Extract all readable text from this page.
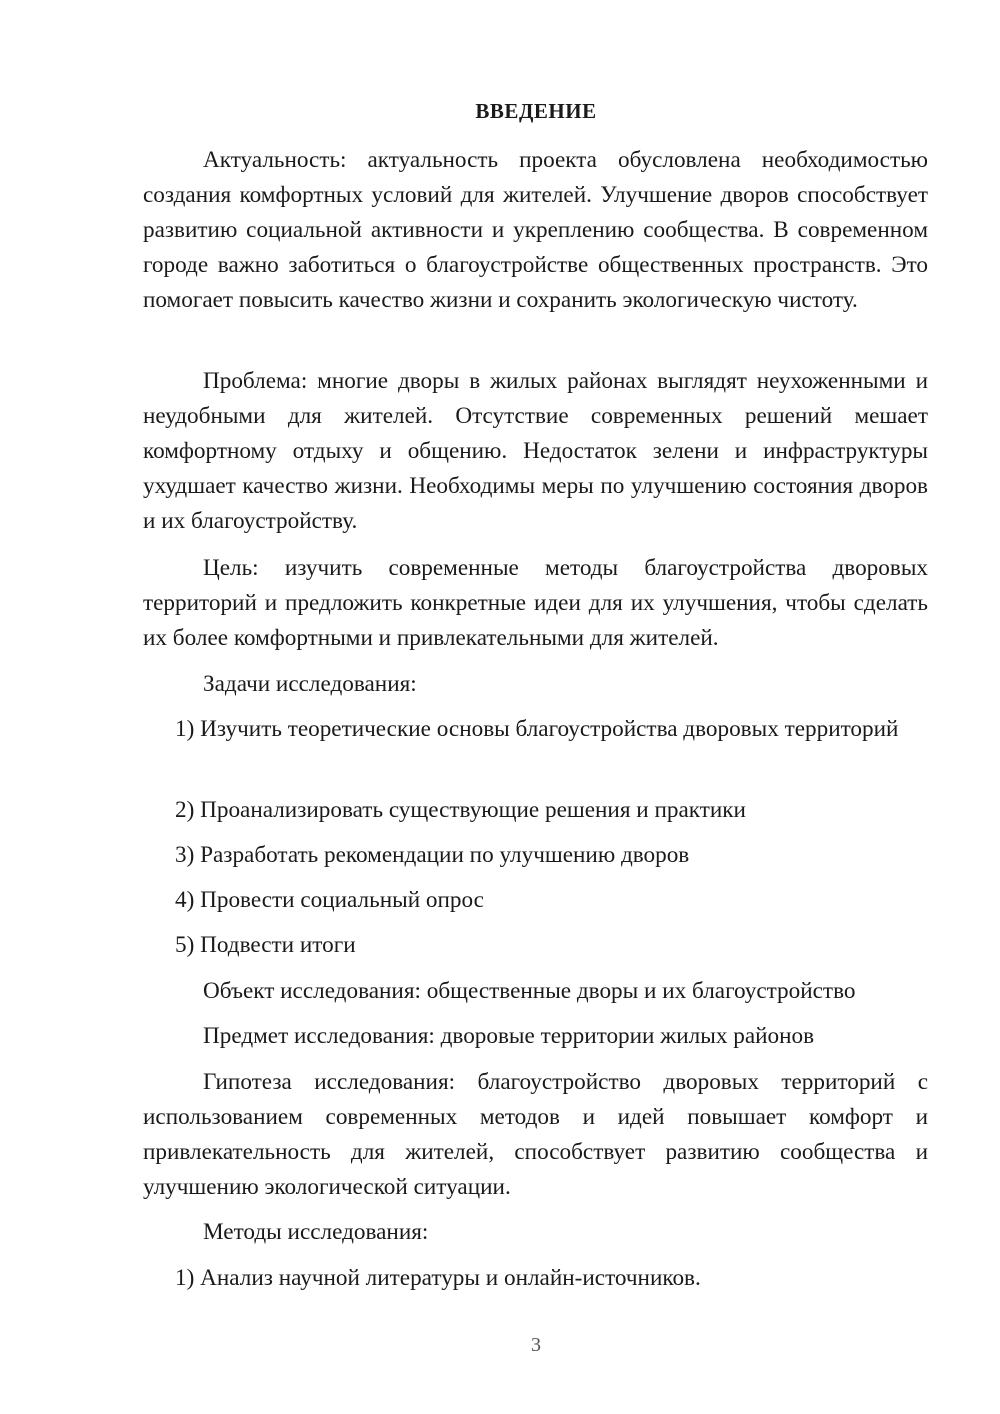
ВВЕДЕНИЕ

Актуальность: актуальность проекта обусловлена необходимостью создания комфортных условий для жителей. Улучшение дворов способствует развитию социальной активности и укреплению сообщества. В современном городе важно заботиться о благоустройстве общественных пространств. Это помогает повысить качество жизни и сохранить экологическую чистоту.

Проблема: многие дворы в жилых районах выглядят неухоженными и неудобными для жителей. Отсутствие современных решений мешает комфортному отдыху и общению. Недостаток зелени и инфраструктуры ухудшает качество жизни. Необходимы меры по улучшению состояния дворов и их благоустройству.

Цель: изучить современные методы благоустройства дворовых территорий и предложить конкретные идеи для их улучшения, чтобы сделать их более комфортными и привлекательными для жителей.

Задачи исследования:

1) Изучить теоретические основы благоустройства дворовых территорий

2) Проанализировать существующие решения и практики

3) Разработать рекомендации по улучшению дворов

4) Провести социальный опрос

5) Подвести итоги

Объект исследования: общественные дворы и их благоустройство

Предмет исследования: дворовые территории жилых районов

Гипотеза исследования: благоустройство дворовых территорий с использованием современных методов и идей повышает комфорт и привлекательность для жителей, способствует развитию сообщества и улучшению экологической ситуации.

Методы исследования:

1) Анализ научной литературы и онлайн-источников.

3
